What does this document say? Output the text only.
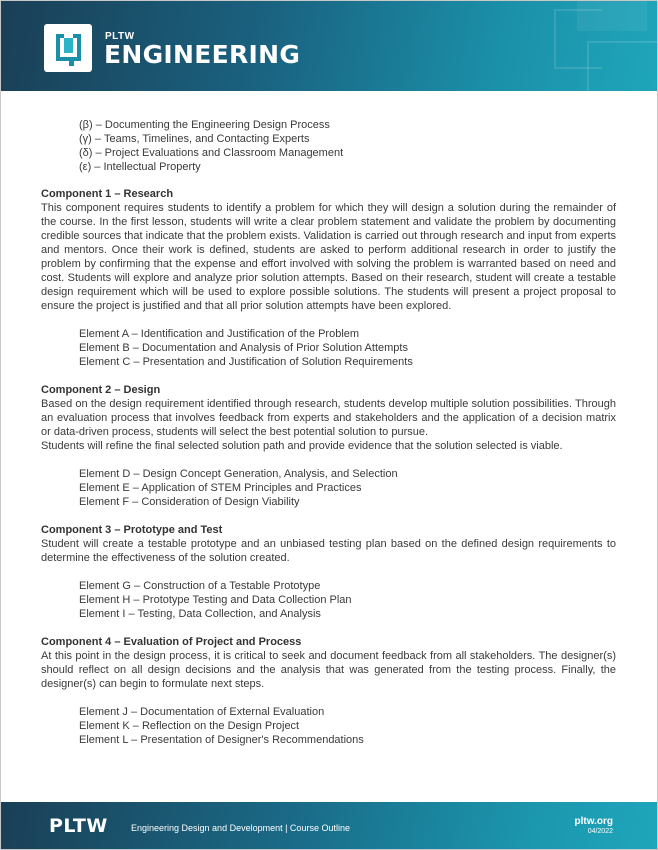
PLTW
ENGINEERING
(β) – Documenting the Engineering Design Process
(γ) – Teams, Timelines, and Contacting Experts
(δ) – Project Evaluations and Classroom Management
(ε) – Intellectual Property
Component 1 – Research

This component requires students to identify a problem for which they will design a solution during the remainder of the course. In the first lesson, students will write a clear problem statement and validate the problem by documenting credible sources that indicate that the problem exists. Validation is carried out through research and input from experts and mentors. Once their work is defined, students are asked to perform additional research in order to justify the problem by confirming that the expense and effort involved with solving the problem is warranted based on need and cost. Students will explore and analyze prior solution attempts. Based on their research, student will create a testable design requirement which will be used to explore possible solutions. The students will present a project proposal to ensure the project is justified and that all prior solution attempts have been explored.

Element A – Identification and Justification of the Problem
Element B – Documentation and Analysis of Prior Solution Attempts
Element C – Presentation and Justification of Solution Requirements
Component 2 – Design

Based on the design requirement identified through research, students develop multiple solution possibilities. Through an evaluation process that involves feedback from experts and stakeholders and the application of a decision matrix or data-driven process, students will select the best potential solution to pursue.

Students will refine the final selected solution path and provide evidence that the solution selected is viable.

Element D – Design Concept Generation, Analysis, and Selection
Element E – Application of STEM Principles and Practices
Element F – Consideration of Design Viability
Component 3 – Prototype and Test

Student will create a testable prototype and an unbiased testing plan based on the defined design requirements to determine the effectiveness of the solution created.

Element G – Construction of a Testable Prototype
Element H – Prototype Testing and Data Collection Plan
Element I – Testing, Data Collection, and Analysis
Component 4 – Evaluation of Project and Process

At this point in the design process, it is critical to seek and document feedback from all stakeholders. The designer(s) should reflect on all design decisions and the analysis that was generated from the testing process. Finally, the designer(s) can begin to formulate next steps.

Element J – Documentation of External Evaluation
Element K – Reflection on the Design Project
Element L – Presentation of Designer's Recommendations
PLTW	Engineering Design and Development | Course Outline
pltw.org
04/2022
